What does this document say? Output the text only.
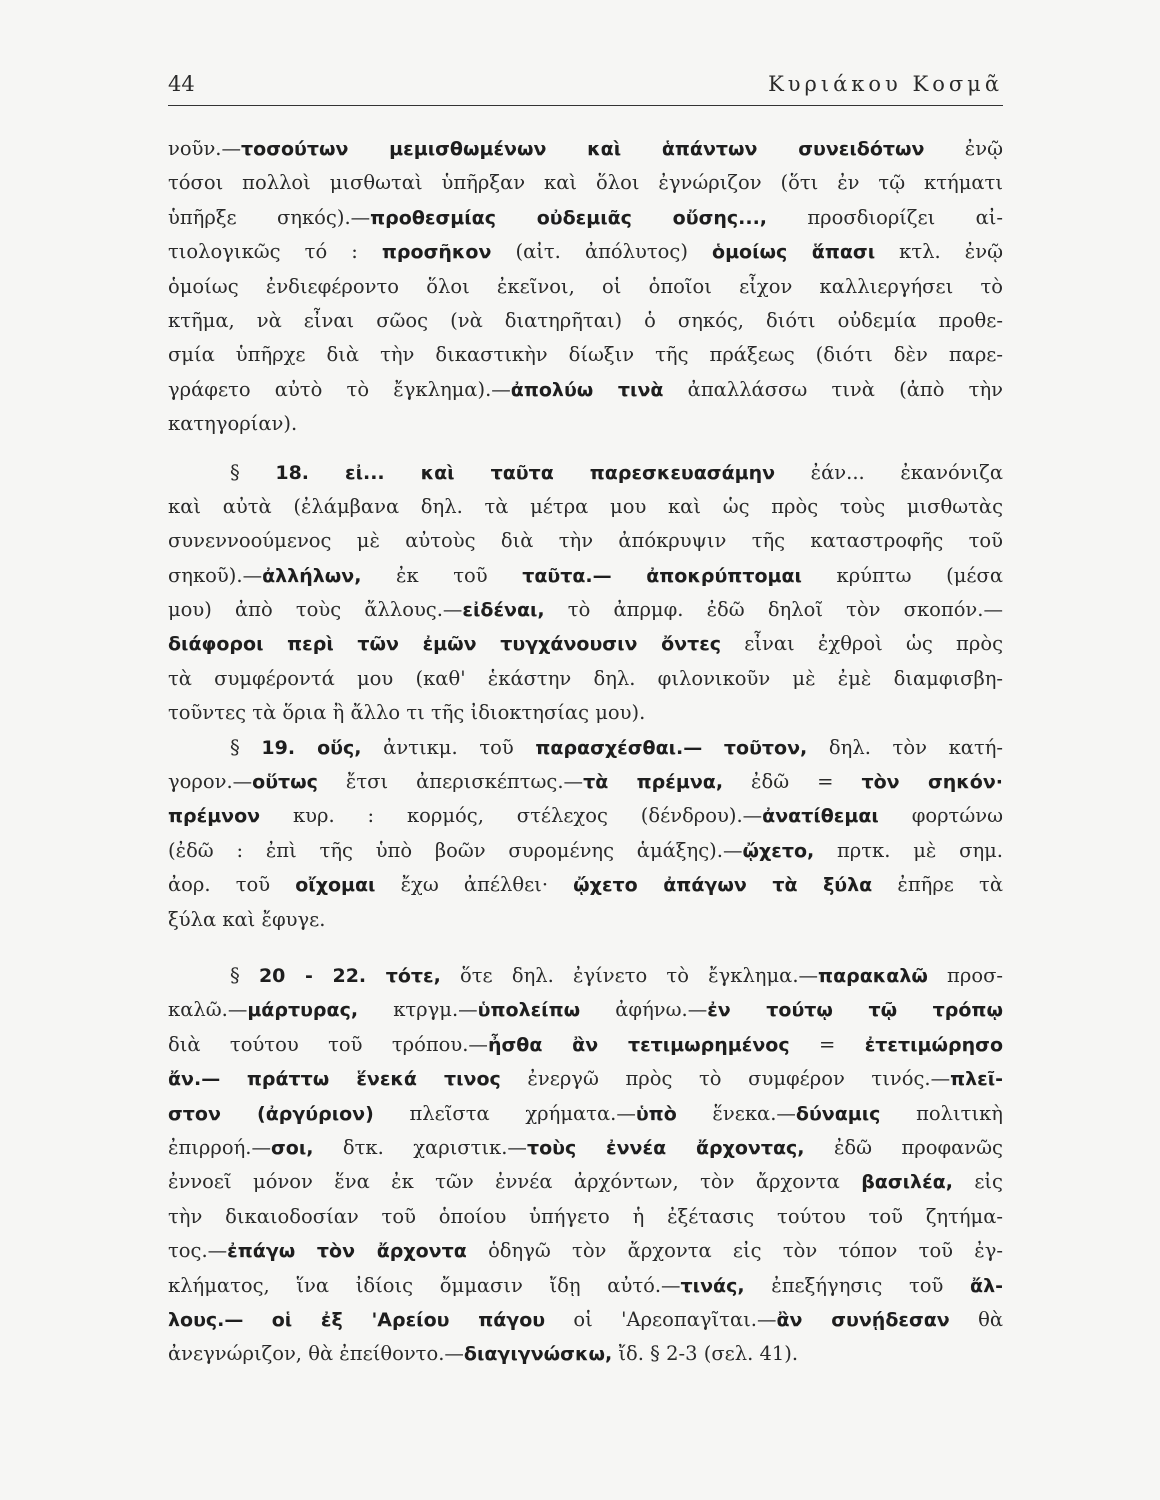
44	Κυριάκου Κοσμᾶ
νοῦν.—τοσούτων μεμισθωμένων καὶ ἁπάντων συνειδότων ἐνῷ
τόσοι πολλοὶ μισθωταὶ ὑπῆρξαν καὶ ὅλοι ἐγνώριζον (ὅτι ἐν τῷ κτήματι
ὑπῆρξε σηκός).—προθεσμίας οὐδεμιᾶς οὔσης..., προσδιορίζει αἰ-
τιολογικῶς τό : προσῆκον (αἰτ. ἀπόλυτος) ὁμοίως ἅπασι κτλ. ἐνῷ
ὁμοίως ἐνδιεφέροντο ὅλοι ἐκεῖνοι, οἱ ὁποῖοι εἶχον καλλιεργήσει τὸ
κτῆμα, νὰ εἶναι σῶος (νὰ διατηρῆται) ὁ σηκός, διότι οὐδεμία προθε-
σμία ὑπῆρχε διὰ τὴν δικαστικὴν δίωξιν τῆς πράξεως (διότι δὲν παρε-
γράφετο αὐτὸ τὸ ἔγκλημα).—ἀπολύω τινὰ ἀπαλλάσσω τινὰ (ἀπὸ τὴν
κατηγορίαν).
§ 18. εἰ... καὶ ταῦτα παρεσκευασάμην ἐάν... ἐκανόνιζα
καὶ αὐτὰ (ἐλάμβανα δηλ. τὰ μέτρα μου καὶ ὡς πρὸς τοὺς μισθωτὰς
συνεννοούμενος μὲ αὐτοὺς διὰ τὴν ἀπόκρυψιν τῆς καταστροφῆς τοῦ
σηκοῦ).—ἀλλήλων, ἐκ τοῦ ταῦτα.— ἀποκρύπτομαι κρύπτω (μέσα
μου) ἀπὸ τοὺς ἄλλους.—εἰδέναι, τὸ ἀπρμφ. ἐδῶ δηλοῖ τὸν σκοπόν.—
διάφοροι περὶ τῶν ἐμῶν τυγχάνουσιν ὄντες εἶναι ἐχθροὶ ὡς πρὸς
τὰ συμφέροντά μου (καθ' ἑκάστην δηλ. φιλονικοῦν μὲ ἐμὲ διαμφισβη-
τοῦντες τὰ ὅρια ἢ ἄλλο τι τῆς ἰδιοκτησίας μου).
§ 19. οὕς, ἀντικμ. τοῦ παρασχέσθαι.— τοῦτον, δηλ. τὸν κατή-
γορον.—οὕτως ἔτσι ἀπερισκέπτως.—τὰ πρέμνα, ἐδῶ = τὸν σηκόν·
πρέμνον κυρ. : κορμός, στέλεχος (δένδρου).—ἀνατίθεμαι φορτώνω
(ἐδῶ : ἐπὶ τῆς ὑπὸ βοῶν συρομένης ἁμάξης).—ᾤχετο, πρτκ. μὲ σημ.
ἀορ. τοῦ οἴχομαι ἔχω ἀπέλθει· ᾤχετο ἀπάγων τὰ ξύλα ἐπῆρε τὰ
ξύλα καὶ ἔφυγε.
§ 20 - 22. τότε, ὅτε δηλ. ἐγίνετο τὸ ἔγκλημα.—παρακαλῶ προσ-
καλῶ.—μάρτυρας, κτργμ.—ὑπολείπω ἀφήνω.—ἐν τούτῳ τῷ τρόπῳ
διὰ τούτου τοῦ τρόπου.—ἦσθα ἂν τετιμωρημένος = ἐτετιμώρησο
ἄν.— πράττω ἕνεκά τινος ἐνεργῶ πρὸς τὸ συμφέρον τινός.—πλεῖ-
στον (ἀργύριον) πλεῖστα χρήματα.—ὑπὸ ἕνεκα.—δύναμις πολιτικὴ
ἐπιρροή.—σοι, δτκ. χαριστικ.—τοὺς ἐννέα ἄρχοντας, ἐδῶ προφανῶς
ἐννοεῖ μόνον ἕνα ἐκ τῶν ἐννέα ἀρχόντων, τὸν ἄρχοντα βασιλέα, εἰς
τὴν δικαιοδοσίαν τοῦ ὁποίου ὑπήγετο ἡ ἐξέτασις τούτου τοῦ ζητήμα-
τος.—ἐπάγω τὸν ἄρχοντα ὁδηγῶ τὸν ἄρχοντα εἰς τὸν τόπον τοῦ ἐγ-
κλήματος, ἵνα ἰδίοις ὄμμασιν ἴδῃ αὐτό.—τινάς, ἐπεξήγησις τοῦ ἄλ-
λους.— οἱ ἐξ 'Αρείου πάγου οἱ 'Αρεοπαγῖται.—ἂν συνῄδεσαν θὰ
ἀνεγνώριζον, θὰ ἐπείθοντο.—διαγιγνώσκω, ἴδ. § 2-3 (σελ. 41).
